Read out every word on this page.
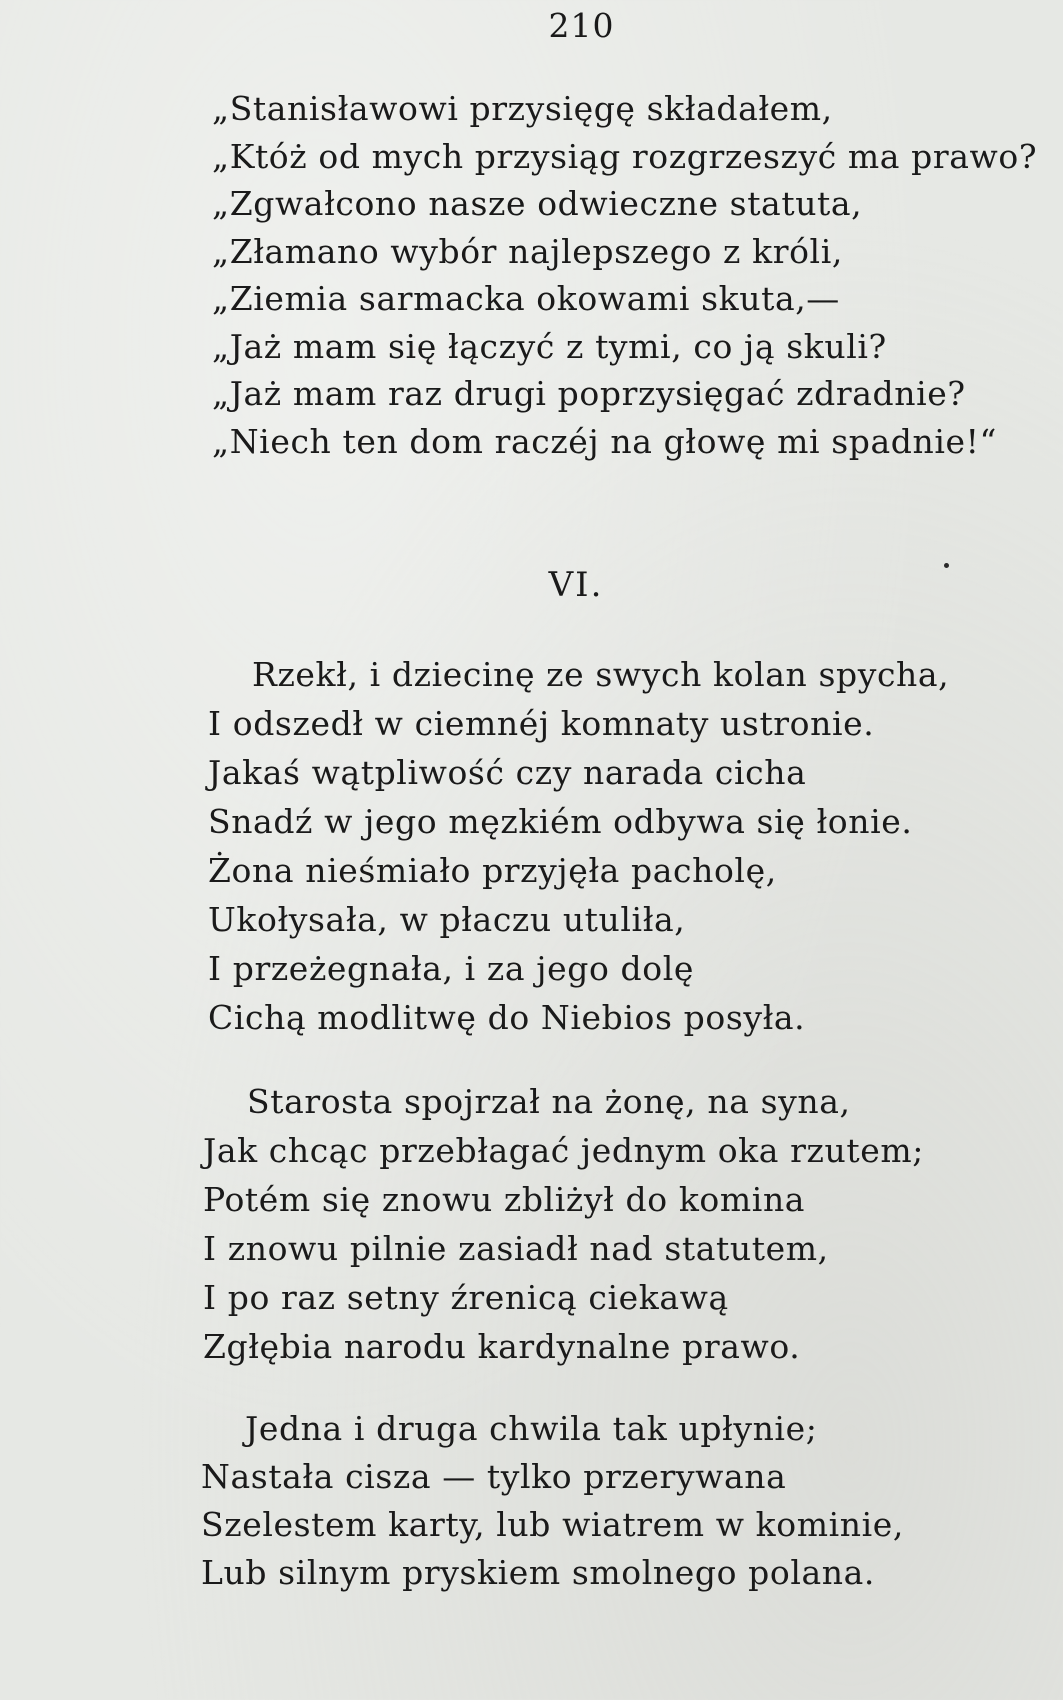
210
„Stanisławowi przysięgę składałem,
„Któż od mych przysiąg rozgrzeszyć ma prawo?
„Zgwałcono nasze odwieczne statuta,
„Złamano wybór najlepszego z króli,
„Ziemia sarmacka okowami skuta,—
„Jaż mam się łączyć z tymi, co ją skuli?
„Jaż mam raz drugi poprzysięgać zdradnie?
„Niech ten dom raczéj na głowę mi spadnie!“
VI.
Rzekł, i dziecinę ze swych kolan spycha,
I odszedł w ciemnéj komnaty ustronie.
Jakaś wątpliwość czy narada cicha
Snadź w jego męzkiém odbywa się łonie.
Żona nieśmiało przyjęła pacholę,
Ukołysała, w płaczu utuliła,
I przeżegnała, i za jego dolę
Cichą modlitwę do Niebios posyła.
Starosta spojrzał na żonę, na syna,
Jak chcąc przebłagać jednym oka rzutem;
Potém się znowu zbliżył do komina
I znowu pilnie zasiadł nad statutem,
I po raz setny źrenicą ciekawą
Zgłębia narodu kardynalne prawo.
Jedna i druga chwila tak upłynie;
Nastała cisza — tylko przerywana
Szelestem karty, lub wiatrem w kominie,
Lub silnym pryskiem smolnego polana.
